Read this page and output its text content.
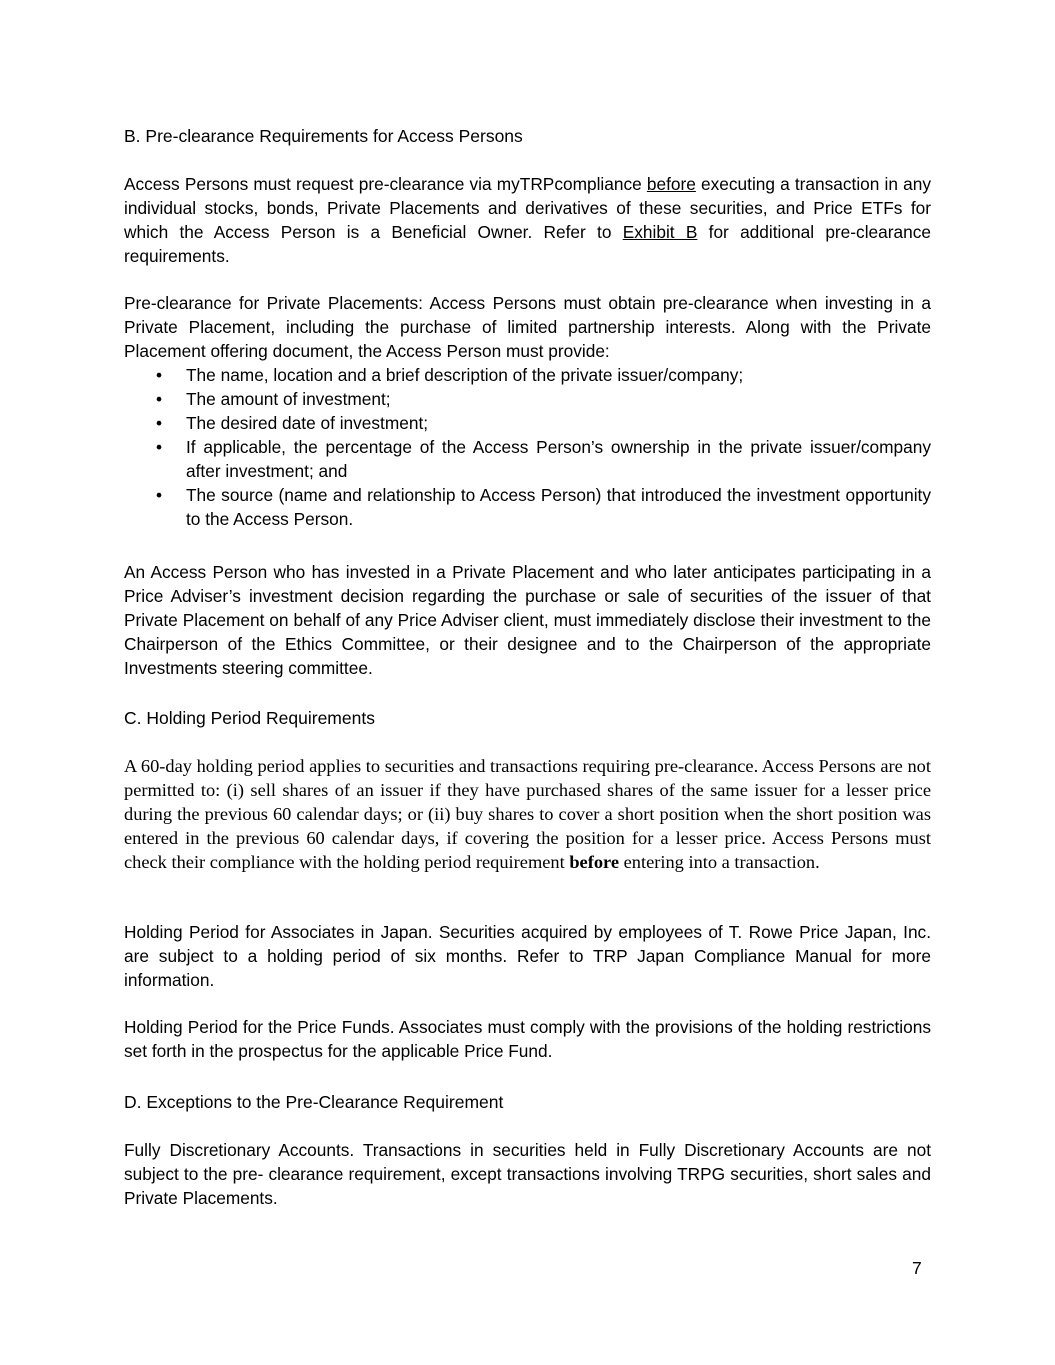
B. Pre-clearance Requirements for Access Persons

Access Persons must request pre-clearance via myTRPcompliance before executing a transaction in any individual stocks, bonds, Private Placements and derivatives of these securities, and Price ETFs for which the Access Person is a Beneficial Owner. Refer to Exhibit B for additional pre-clearance requirements.

Pre-clearance for Private Placements: Access Persons must obtain pre-clearance when investing in a Private Placement, including the purchase of limited partnership interests. Along with the Private Placement offering document, the Access Person must provide:

• The name, location and a brief description of the private issuer/company;
• The amount of investment;
• The desired date of investment;
• If applicable, the percentage of the Access Person’s ownership in the private issuer/company after investment; and
• The source (name and relationship to Access Person) that introduced the investment opportunity to the Access Person.
An Access Person who has invested in a Private Placement and who later anticipates participating in a Price Adviser’s investment decision regarding the purchase or sale of securities of the issuer of that Private Placement on behalf of any Price Adviser client, must immediately disclose their investment to the Chairperson of the Ethics Committee, or their designee and to the Chairperson of the appropriate Investments steering committee.
C. Holding Period Requirements

A 60-day holding period applies to securities and transactions requiring pre-clearance. Access Persons are not permitted to: (i) sell shares of an issuer if they have purchased shares of the same issuer for a lesser price during the previous 60 calendar days; or (ii) buy shares to cover a short position when the short position was entered in the previous 60 calendar days, if covering the position for a lesser price. Access Persons must check their compliance with the holding period requirement before entering into a transaction.

Holding Period for Associates in Japan. Securities acquired by employees of T. Rowe Price Japan, Inc. are subject to a holding period of six months. Refer to TRP Japan Compliance Manual for more information.
Holding Period for the Price Funds. Associates must comply with the provisions of the holding restrictions set forth in the prospectus for the applicable Price Fund.
D. Exceptions to the Pre-Clearance Requirement
Fully Discretionary Accounts. Transactions in securities held in Fully Discretionary Accounts are not subject to the pre- clearance requirement, except transactions involving TRPG securities, short sales and Private Placements.
7
